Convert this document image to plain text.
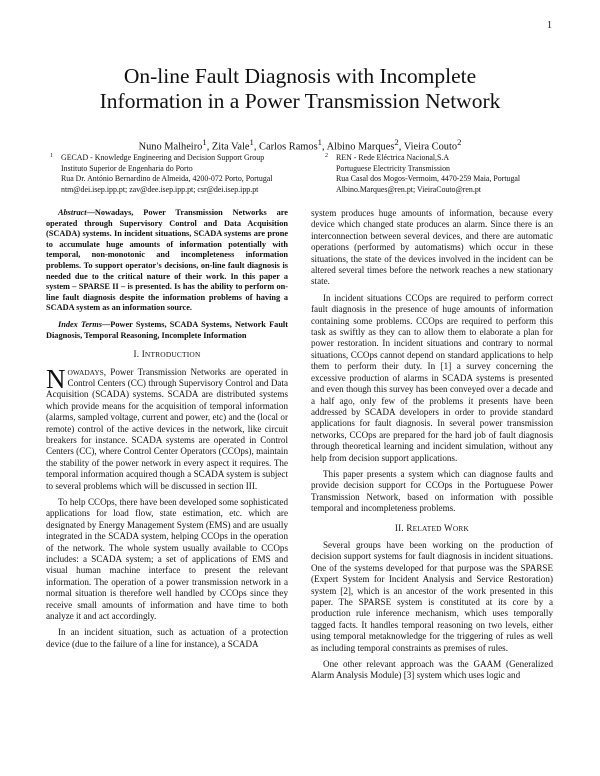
1
On-line Fault Diagnosis with Incomplete
Information in a Power Transmission Network
Nuno Malheiro$^1$, Zita Vale$^1$, Carlos Ramos$^1$, Albino Marques$^2$, Vieira Couto$^2$
1 GECAD - Knowledge Engineering and Decision Support Group
Instituto Superior de Engenharia do Porto
Rua Dr. António Bernardino de Almeida, 4200-072 Porto, Portugal
ntm@dei.isep.ipp.pt; zav@dee.isep.ipp.pt; csr@dei.isep.ipp.pt
2 REN - Rede Eléctrica Nacional,S.A
Portuguese Electricity Transmission
Rua Casal dos Mogos-Vermoim, 4470-259 Maia, Portugal
Albino.Marques@ren.pt; VieiraCouto@ren.pt

Abstract—Nowadays, Power Transmission Networks are operated through Supervisory Control and Data Acquisition (SCADA) systems. In incident situations, SCADA systems are prone to accumulate huge amounts of information potentially with temporal, non-monotonic and incompleteness information problems. To support operator's decisions, on-line fault diagnosis is needed due to the critical nature of their work. In this paper a system – SPARSE II – is presented. Is has the ability to perform on-line fault diagnosis despite the information problems of having a SCADA system as an information source.

Index Terms—Power Systems, SCADA Systems, Network Fault Diagnosis, Temporal Reasoning, Incomplete Information

I. INTRODUCTION

NOWADAYS, Power Transmission Networks are operated in Control Centers (CC) through Supervisory Control and Data Acquisition (SCADA) systems. SCADA are distributed systems which provide means for the acquisition of temporal information (alarms, sampled voltage, current and power, etc) and the (local or remote) control of the active devices in the network, like circuit breakers for instance. SCADA systems are operated in Control Centers (CC), where Control Center Operators (CCOps), maintain the stability of the power network in every aspect it requires. The temporal information acquired though a SCADA system is subject to several problems which will be discussed in section III.

To help CCOps, there have been developed some sophisticated applications for load flow, state estimation, etc. which are designated by Energy Management System (EMS) and are usually integrated in the SCADA system, helping CCOps in the operation of the network. The whole system usually available to CCOps includes: a SCADA system; a set of applications of EMS and visual human machine interface to present the relevant information. The operation of a power transmission network in a normal situation is therefore well handled by CCOps since they receive small amounts of information and have time to both analyze it and act accordingly.

In an incident situation, such as actuation of a protection device (due to the failure of a line for instance), a SCADA

system produces huge amounts of information, because every device which changed state produces an alarm. Since there is an interconnection between several devices, and there are automatic operations (performed by automatisms) which occur in these situations, the state of the devices involved in the incident can be altered several times before the network reaches a new stationary state.

In incident situations CCOps are required to perform correct fault diagnosis in the presence of huge amounts of information containing some problems. CCOps are required to perform this task as swiftly as they can to allow them to elaborate a plan for power restoration. In incident situations and contrary to normal situations, CCOps cannot depend on standard applications to help them to perform their duty. In [1] a survey concerning the excessive production of alarms in SCADA systems is presented and even though this survey has been conveyed over a decade and a half ago, only few of the problems it presents have been addressed by SCADA developers in order to provide standard applications for fault diagnosis. In several power transmission networks, CCOps are prepared for the hard job of fault diagnosis through theoretical learning and incident simulation, without any help from decision support applications.

This paper presents a system which can diagnose faults and provide decision support for CCOps in the Portuguese Power Transmission Network, based on information with possible temporal and incompleteness problems.

II. RELATED WORK

Several groups have been working on the production of decision support systems for fault diagnosis in incident situations. One of the systems developed for that purpose was the SPARSE (Expert System for Incident Analysis and Service Restoration) system [2], which is an ancestor of the work presented in this paper. The SPARSE system is constituted at its core by a production rule inference mechanism, which uses temporally tagged facts. It handles temporal reasoning on two levels, either using temporal metaknowledge for the triggering of rules as well as including temporal constraints as premises of rules.

One other relevant approach was the GAAM (Generalized Alarm Analysis Module) [3] system which uses logic and
